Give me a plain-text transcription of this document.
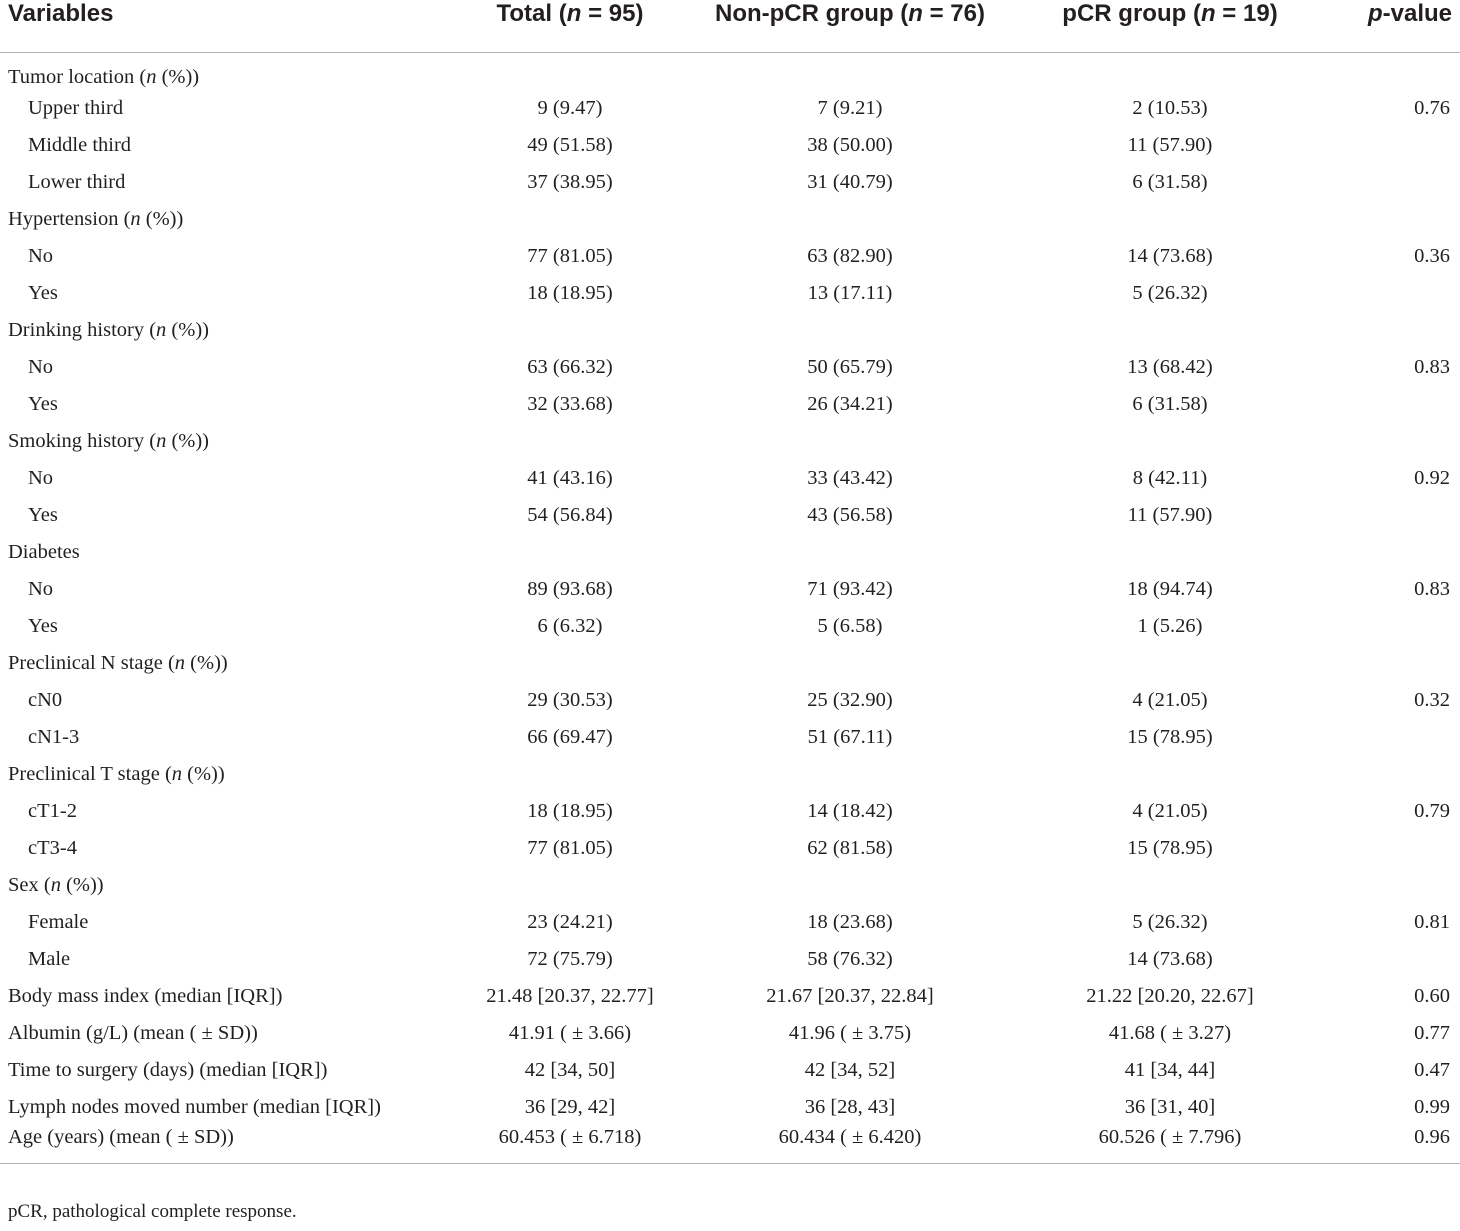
Variables	Total (n = 95)	Non-pCR group (n = 76)	pCR group (n = 19)	p-value
Tumor location (n (%))				
Upper third	9 (9.47)	7 (9.21)	2 (10.53)	0.76
Middle third	49 (51.58)	38 (50.00)	11 (57.90)	
Lower third	37 (38.95)	31 (40.79)	6 (31.58)	
Hypertension (n (%))				
No	77 (81.05)	63 (82.90)	14 (73.68)	0.36
Yes	18 (18.95)	13 (17.11)	5 (26.32)	
Drinking history (n (%))				
No	63 (66.32)	50 (65.79)	13 (68.42)	0.83
Yes	32 (33.68)	26 (34.21)	6 (31.58)	
Smoking history (n (%))				
No	41 (43.16)	33 (43.42)	8 (42.11)	0.92
Yes	54 (56.84)	43 (56.58)	11 (57.90)	
Diabetes				
No	89 (93.68)	71 (93.42)	18 (94.74)	0.83
Yes	6 (6.32)	5 (6.58)	1 (5.26)	
Preclinical N stage (n (%))				
cN0	29 (30.53)	25 (32.90)	4 (21.05)	0.32
cN1-3	66 (69.47)	51 (67.11)	15 (78.95)	
Preclinical T stage (n (%))				
cT1-2	18 (18.95)	14 (18.42)	4 (21.05)	0.79
cT3-4	77 (81.05)	62 (81.58)	15 (78.95)	
Sex (n (%))				
Female	23 (24.21)	18 (23.68)	5 (26.32)	0.81
Male	72 (75.79)	58 (76.32)	14 (73.68)	
Body mass index (median [IQR])	21.48 [20.37, 22.77]	21.67 [20.37, 22.84]	21.22 [20.20, 22.67]	0.60
Albumin (g/L) (mean ( ± SD))	41.91 ( ± 3.66)	41.96 ( ± 3.75)	41.68 ( ± 3.27)	0.77
Time to surgery (days) (median [IQR])	42 [34, 50]	42 [34, 52]	41 [34, 44]	0.47
Lymph nodes moved number (median [IQR])	36 [29, 42]	36 [28, 43]	36 [31, 40]	0.99
Age (years) (mean ( ± SD))	60.453 ( ± 6.718)	60.434 ( ± 6.420)	60.526 ( ± 7.796)	0.96
pCR, pathological complete response.
